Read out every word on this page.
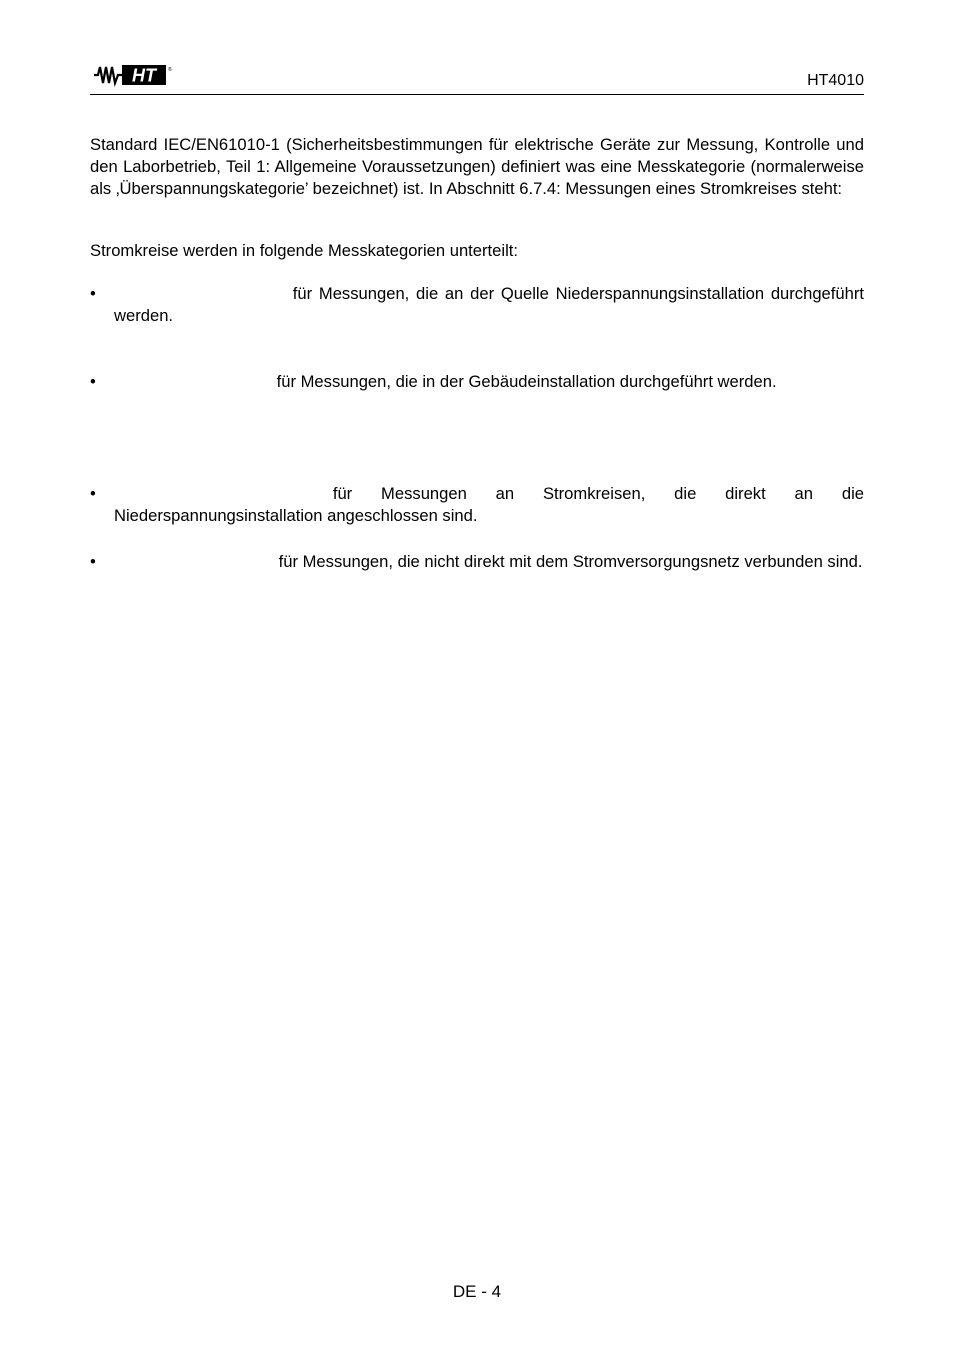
HT	®
HT4010

Standard IEC/EN61010-1 (Sicherheitsbestimmungen für elektrische Geräte zur Messung, Kontrolle und den Laborbetrieb, Teil 1: Allgemeine Voraussetzungen) definiert was eine Messkategorie (normalerweise als ‚Überspannungskategorie’ bezeichnet) ist. In Abschnitt 6.7.4: Messungen eines Stromkreises steht:

Stromkreise werden in folgende Messkategorien unterteilt:

•	für Messungen, die an der Quelle Niederspannungsinstallation durchgeführt werden.

•	für Messungen, die in der Gebäudeinstallation durchgeführt werden.

•	für Messungen an Stromkreisen, die direkt an die Niederspannungsinstallation angeschlossen sind.

•	für Messungen, die nicht direkt mit dem Stromversorgungsnetz verbunden sind.

DE - 4
